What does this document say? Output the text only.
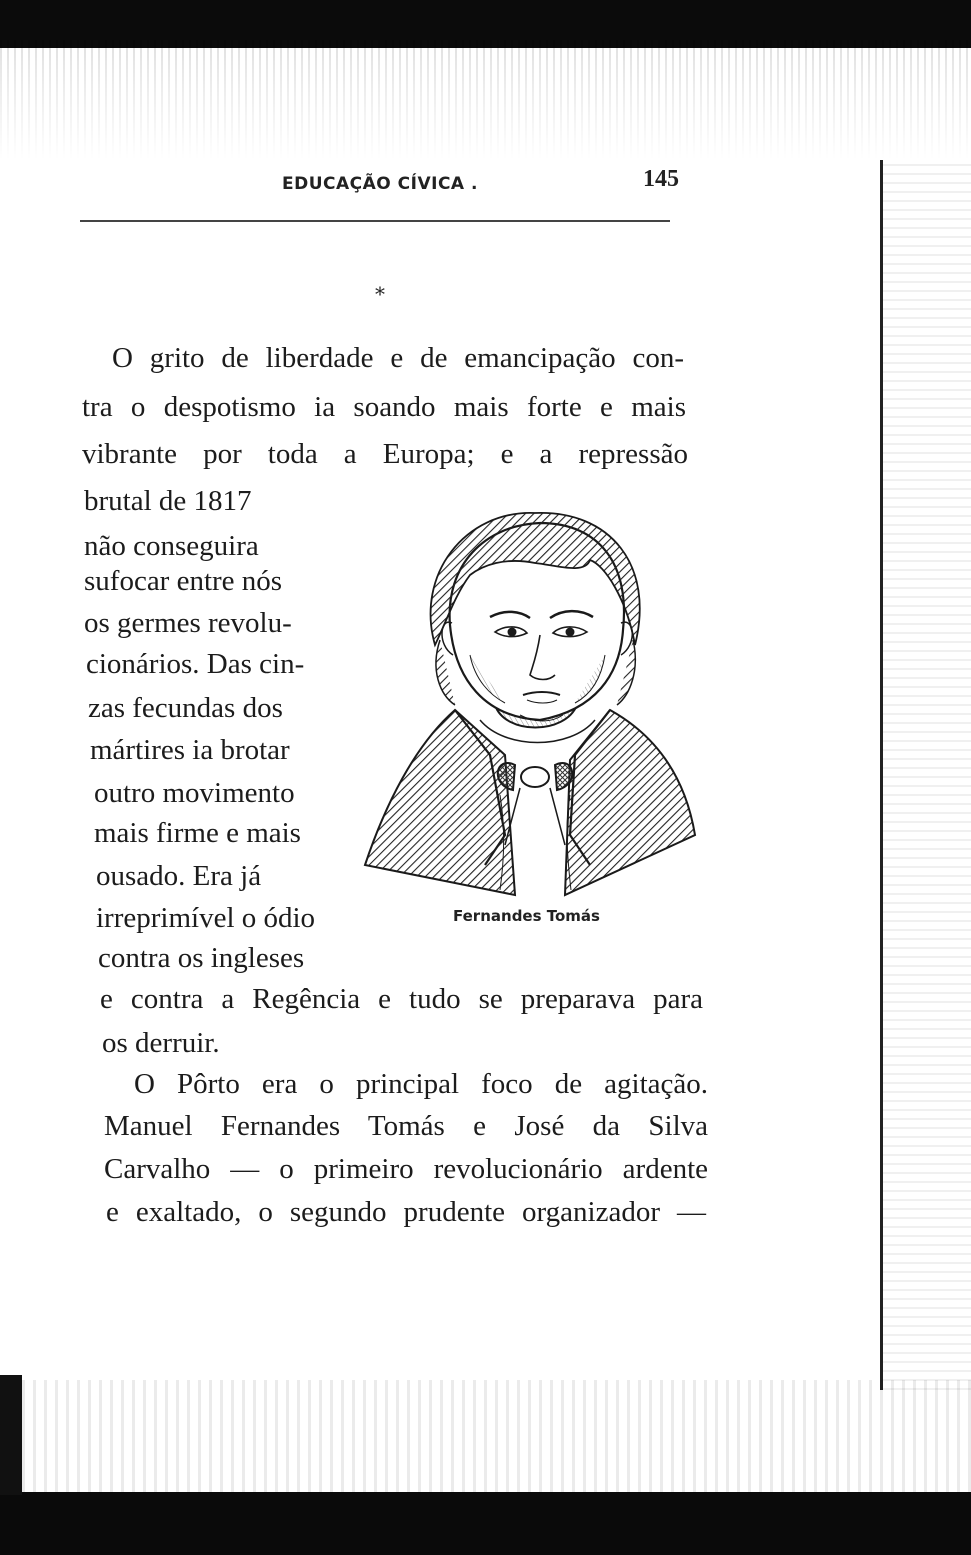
EDUCAÇÃO CÍVICA .	145
*
O grito de liberdade e de emancipação con-
tra o despotismo ia soando mais forte e mais
vibrante por toda a Europa; e a repressão
brutal de 1817
não conseguira
sufocar entre nós
os germes revolu-
cionários. Das cin-
zas fecundas dos
mártires ia brotar
outro movimento
mais firme e mais
ousado. Era já
irreprimível o ódio
contra os ingleses
e contra a Regência e tudo se preparava para
os derruir.
O Pôrto era o principal foco de agitação.
Manuel Fernandes Tomás e José da Silva
Carvalho — o primeiro revolucionário ardente
e exaltado, o segundo prudente organizador —
Fernandes Tomás
